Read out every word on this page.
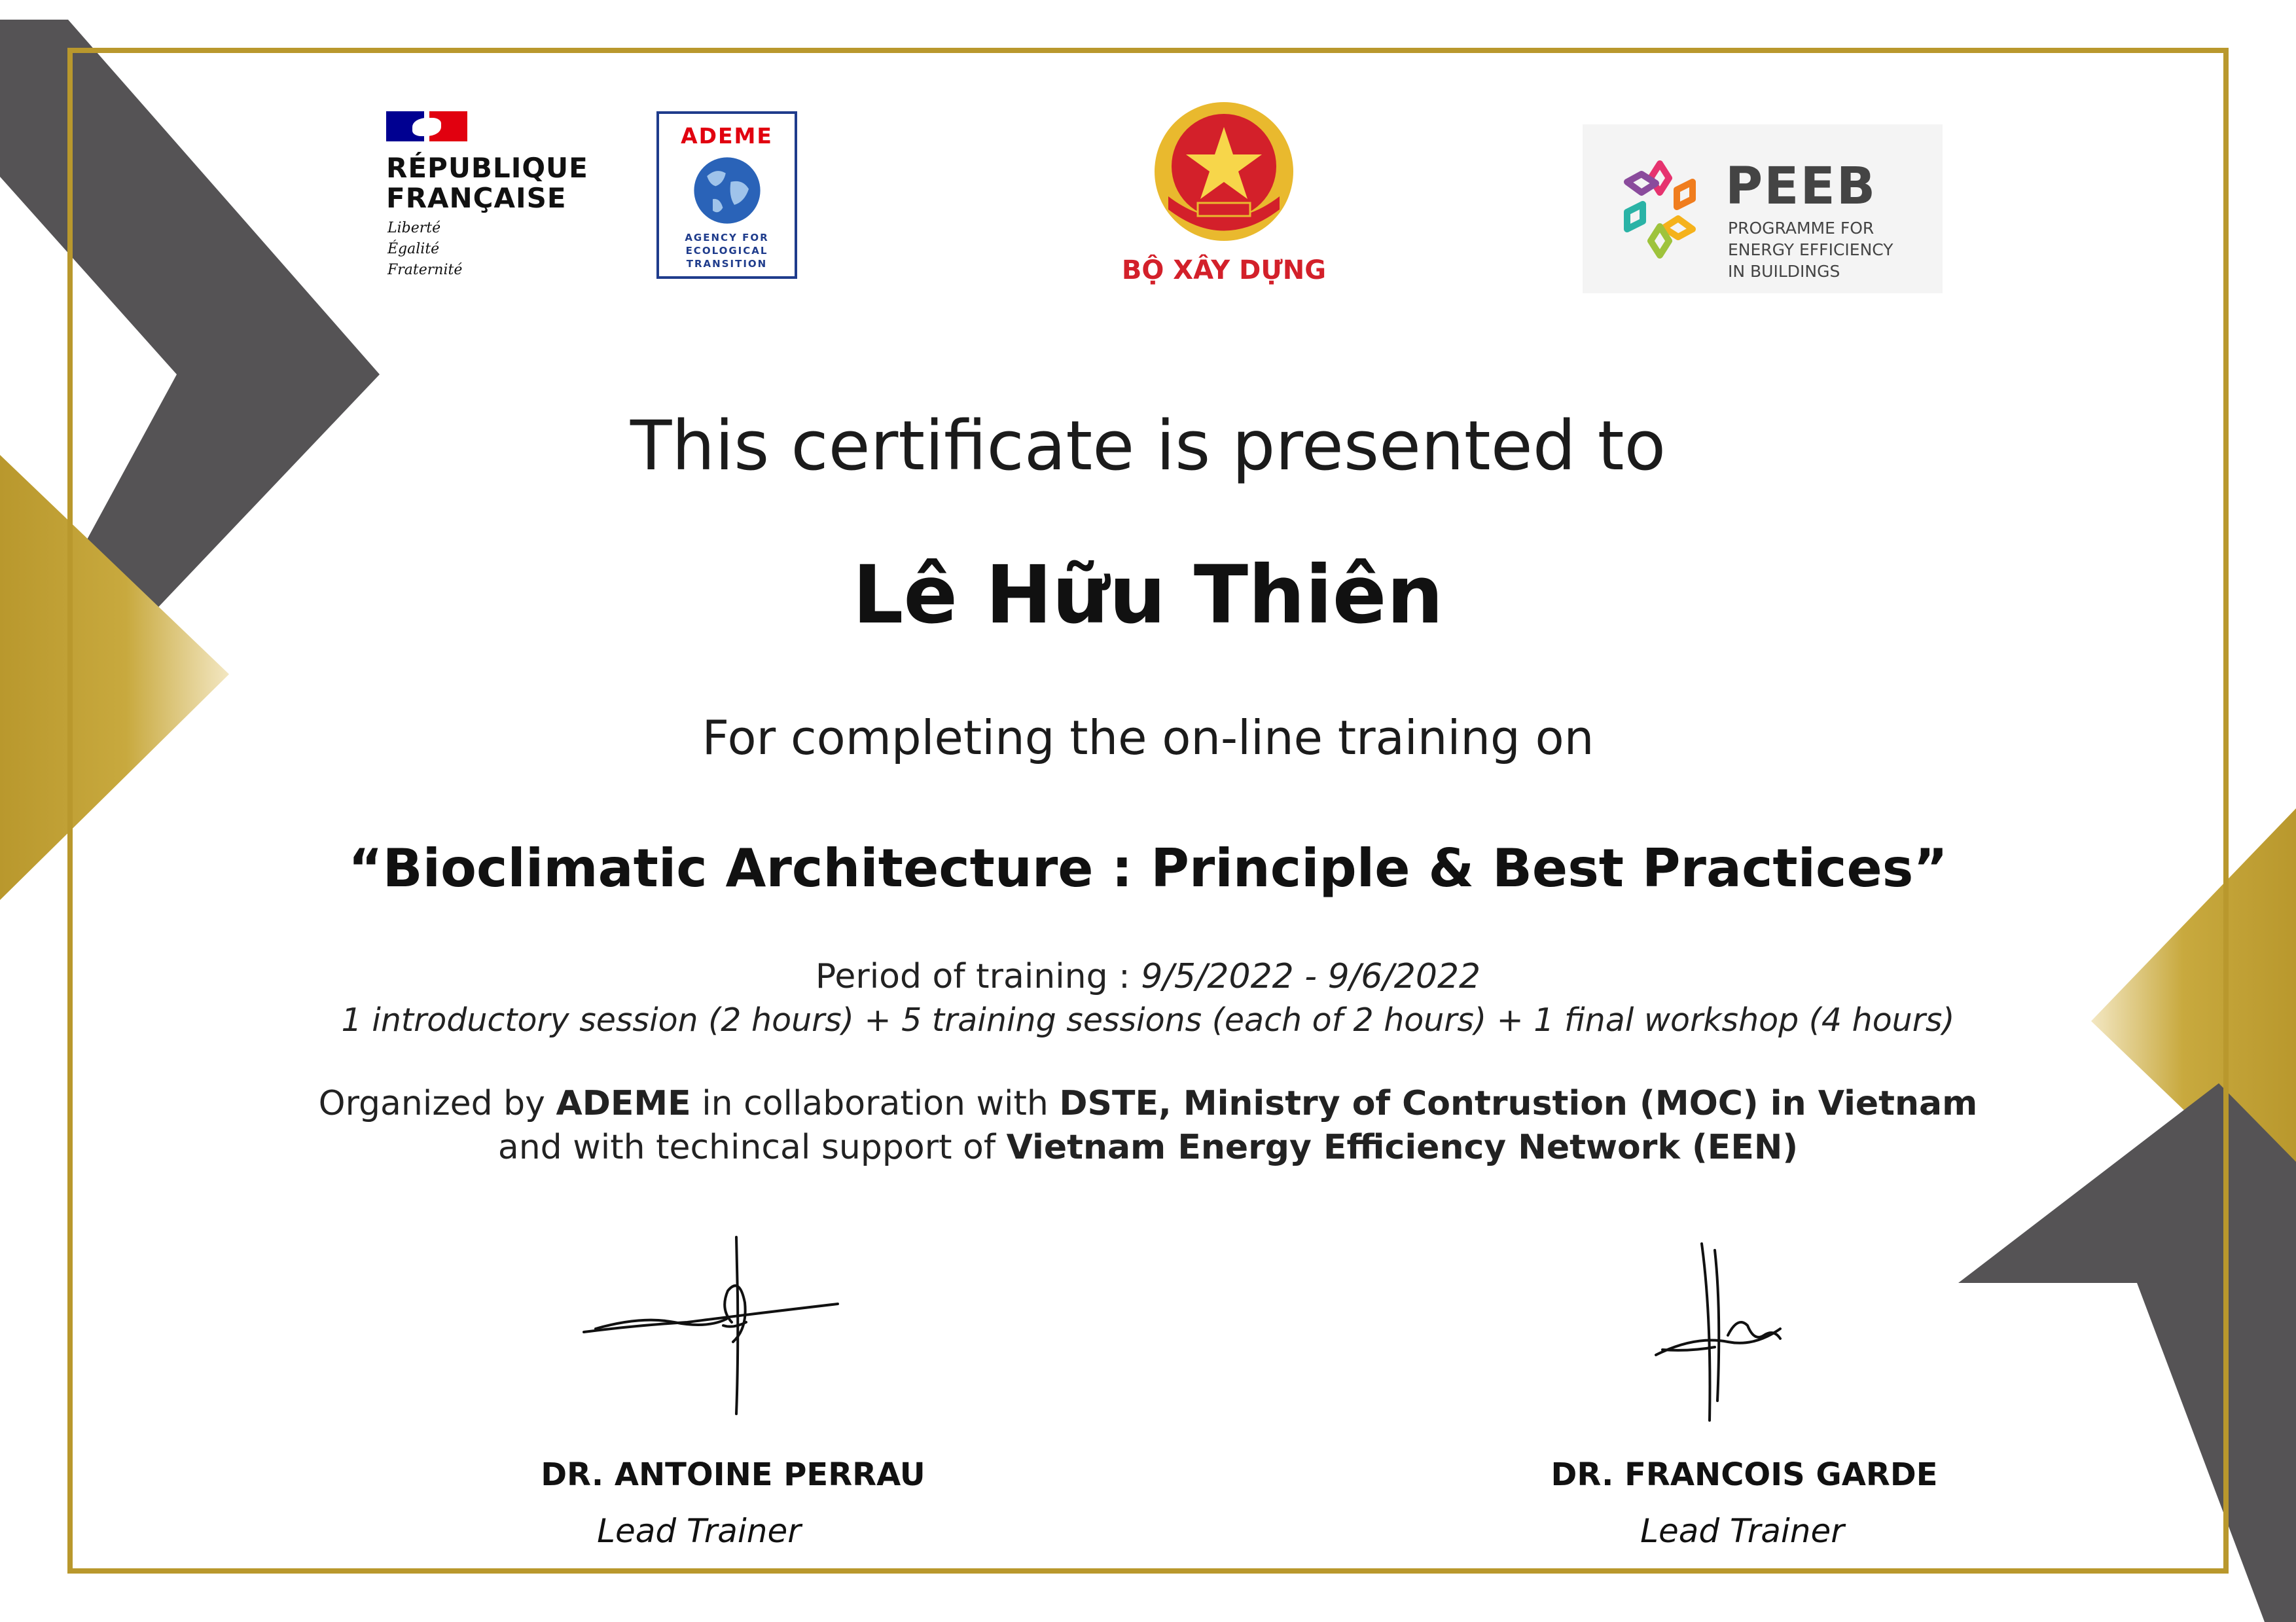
RÉPUBLIQUE
FRANÇAISE
Liberté
Égalité
Fraternité
ADEME
AGENCY FOR
ECOLOGICAL
TRANSITION	BỘ XÂY DỰNG
PEEB
PROGRAMME FOR
ENERGY EFFICIENCY
IN BUILDINGS
This certificate is presented to
Lê Hữu Thiên
For completing the on-line training on
“Bioclimatic Architecture : Principle & Best Practices”
Period of training : 9/5/2022 - 9/6/2022
1 introductory session (2 hours) + 5 training sessions (each of 2 hours) + 1 final workshop (4 hours)
Organized by ADEME in collaboration with DSTE, Ministry of Contrustion (MOC) in Vietnam
and with techincal support of Vietnam Energy Efficiency Network (EEN)
DR. ANTOINE PERRAU
Lead Trainer
DR. FRANCOIS GARDE
Lead Trainer
